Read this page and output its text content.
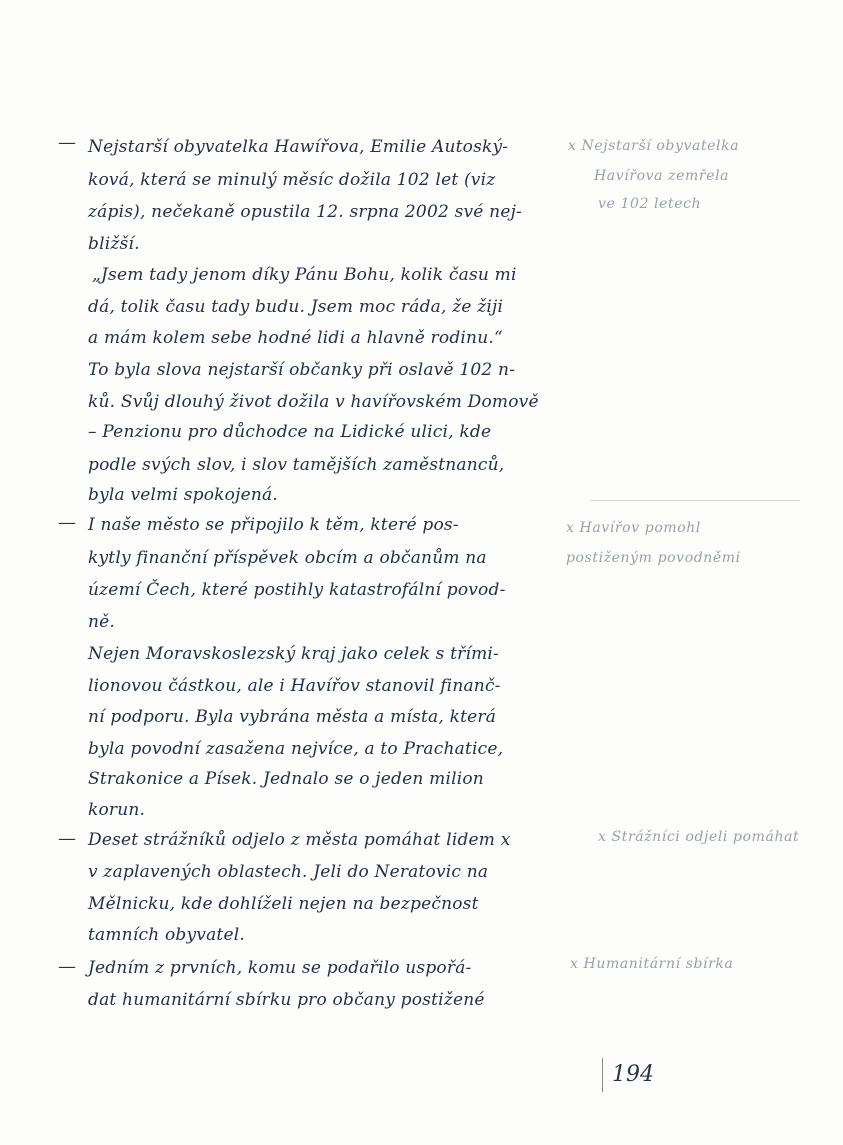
— Nejstarší obyvatelka Hawířova, Emilie Autoský-
ková, která se minulý měsíc dožila 102 let (viz
zápis), nečekaně opustila 12. srpna 2002 své nej-
bližší.
x Nejstarší obyvatelka
Havířova zemřela
ve 102 letech
„Jsem tady jenom díky Pánu Bohu, kolik času mi
dá, tolik času tady budu. Jsem moc ráda, že žiji
a mám kolem sebe hodné lidi a hlavně rodinu.“
To byla slova nejstarší občanky při oslavě 102 n-
ků. Svůj dlouhý život dožila v havířovském Domově
– Penzionu pro důchodce na Lidické ulici, kde
podle svých slov, i slov tamějších zaměstnanců,
byla velmi spokojená.
— I naše město se připojilo k těm, které pos-
kytly finanční příspěvek obcím a občanům na
území Čech, které postihly katastrofální povod-
ně.
x Havířov pomohl postiženým povodněmi
Nejen Moravskoslezský kraj jako celek s třími-
lionovou částkou, ale i Havířov stanovil finanč-
ní podporu. Byla vybrána města a místa, která
byla povodní zasažena nejvíce, a to Prachatice,
Strakonice a Písek. Jednalo se o jeden milion
korun.
— Deset strážníků odjelo z města pomáhat lidem x
v zaplavených oblastech. Jeli do Neratovic na
Mělnicku, kde dohlíželi nejen na bezpečnost
tamních obyvatel.
x Strážníci odjeli pomáhat
— Jedním z prvních, komu se podařilo uspořá-
dat humanitární sbírku pro občany postižené
x Humanitární sbírka
194
